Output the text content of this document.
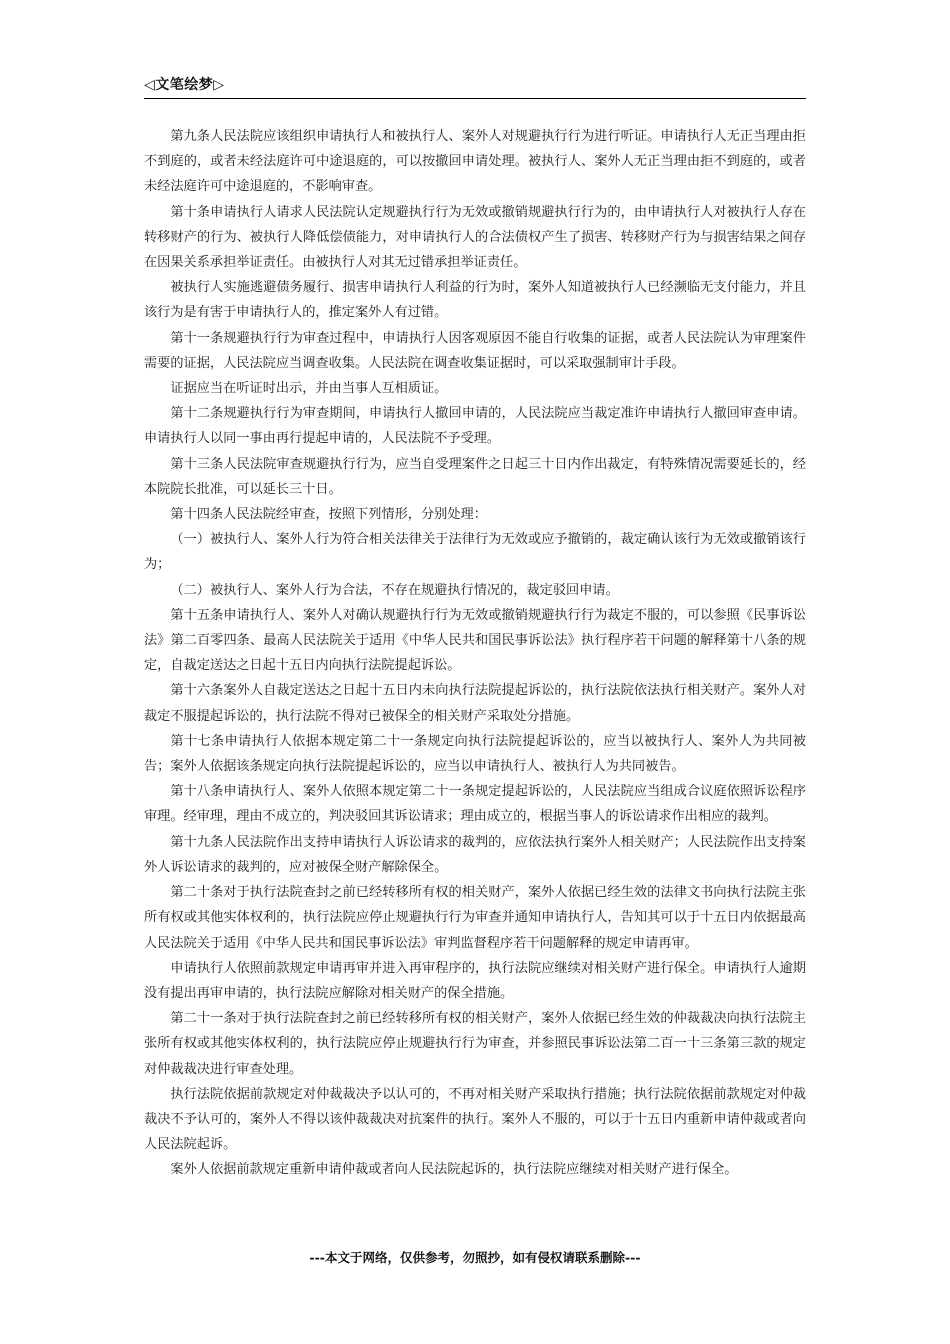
◁文笔绘梦▷

第九条人民法院应该组织申请执行人和被执行人、案外人对规避执行行为进行听证。申请执行人无正当理由拒不到庭的，或者未经法庭许可中途退庭的，可以按撤回申请处理。被执行人、案外人无正当理由拒不到庭的，或者未经法庭许可中途退庭的，不影响审查。

第十条申请执行人请求人民法院认定规避执行行为无效或撤销规避执行行为的，由申请执行人对被执行人存在转移财产的行为、被执行人降低偿债能力，对申请执行人的合法债权产生了损害、转移财产行为与损害结果之间存在因果关系承担举证责任。由被执行人对其无过错承担举证责任。

被执行人实施逃避债务履行、损害申请执行人利益的行为时，案外人知道被执行人已经濒临无支付能力，并且该行为是有害于申请执行人的，推定案外人有过错。

第十一条规避执行行为审查过程中，申请执行人因客观原因不能自行收集的证据，或者人民法院认为审理案件需要的证据，人民法院应当调查收集。人民法院在调查收集证据时，可以采取强制审计手段。

证据应当在听证时出示，并由当事人互相质证。

第十二条规避执行行为审查期间，申请执行人撤回申请的，人民法院应当裁定准许申请执行人撤回审查申请。申请执行人以同一事由再行提起申请的，人民法院不予受理。

第十三条人民法院审查规避执行行为，应当自受理案件之日起三十日内作出裁定，有特殊情况需要延长的，经本院院长批准，可以延长三十日。

第十四条人民法院经审查，按照下列情形，分别处理：

（一）被执行人、案外人行为符合相关法律关于法律行为无效或应予撤销的，裁定确认该行为无效或撤销该行为；

（二）被执行人、案外人行为合法，不存在规避执行情况的，裁定驳回申请。

第十五条申请执行人、案外人对确认规避执行行为无效或撤销规避执行行为裁定不服的，可以参照《民事诉讼法》第二百零四条、最高人民法院关于适用《中华人民共和国民事诉讼法》执行程序若干问题的解释第十八条的规定，自裁定送达之日起十五日内向执行法院提起诉讼。

第十六条案外人自裁定送达之日起十五日内未向执行法院提起诉讼的，执行法院依法执行相关财产。案外人对裁定不服提起诉讼的，执行法院不得对已被保全的相关财产采取处分措施。

第十七条申请执行人依据本规定第二十一条规定向执行法院提起诉讼的，应当以被执行人、案外人为共同被告；案外人依据该条规定向执行法院提起诉讼的，应当以申请执行人、被执行人为共同被告。

第十八条申请执行人、案外人依照本规定第二十一条规定提起诉讼的，人民法院应当组成合议庭依照诉讼程序审理。经审理，理由不成立的，判决驳回其诉讼请求；理由成立的，根据当事人的诉讼请求作出相应的裁判。

第十九条人民法院作出支持申请执行人诉讼请求的裁判的，应依法执行案外人相关财产；人民法院作出支持案外人诉讼请求的裁判的，应对被保全财产解除保全。

第二十条对于执行法院查封之前已经转移所有权的相关财产，案外人依据已经生效的法律文书向执行法院主张所有权或其他实体权利的，执行法院应停止规避执行行为审查并通知申请执行人，告知其可以于十五日内依据最高人民法院关于适用《中华人民共和国民事诉讼法》审判监督程序若干问题解释的规定申请再审。

申请执行人依照前款规定申请再审并进入再审程序的，执行法院应继续对相关财产进行保全。申请执行人逾期没有提出再审申请的，执行法院应解除对相关财产的保全措施。

第二十一条对于执行法院查封之前已经转移所有权的相关财产，案外人依据已经生效的仲裁裁决向执行法院主张所有权或其他实体权利的，执行法院应停止规避执行行为审查，并参照民事诉讼法第二百一十三条第三款的规定对仲裁裁决进行审查处理。

执行法院依据前款规定对仲裁裁决予以认可的，不再对相关财产采取执行措施；执行法院依据前款规定对仲裁裁决不予认可的，案外人不得以该仲裁裁决对抗案件的执行。案外人不服的，可以于十五日内重新申请仲裁或者向人民法院起诉。

案外人依据前款规定重新申请仲裁或者向人民法院起诉的，执行法院应继续对相关财产进行保全。

---本文于网络，仅供参考，勿照抄，如有侵权请联系删除---
